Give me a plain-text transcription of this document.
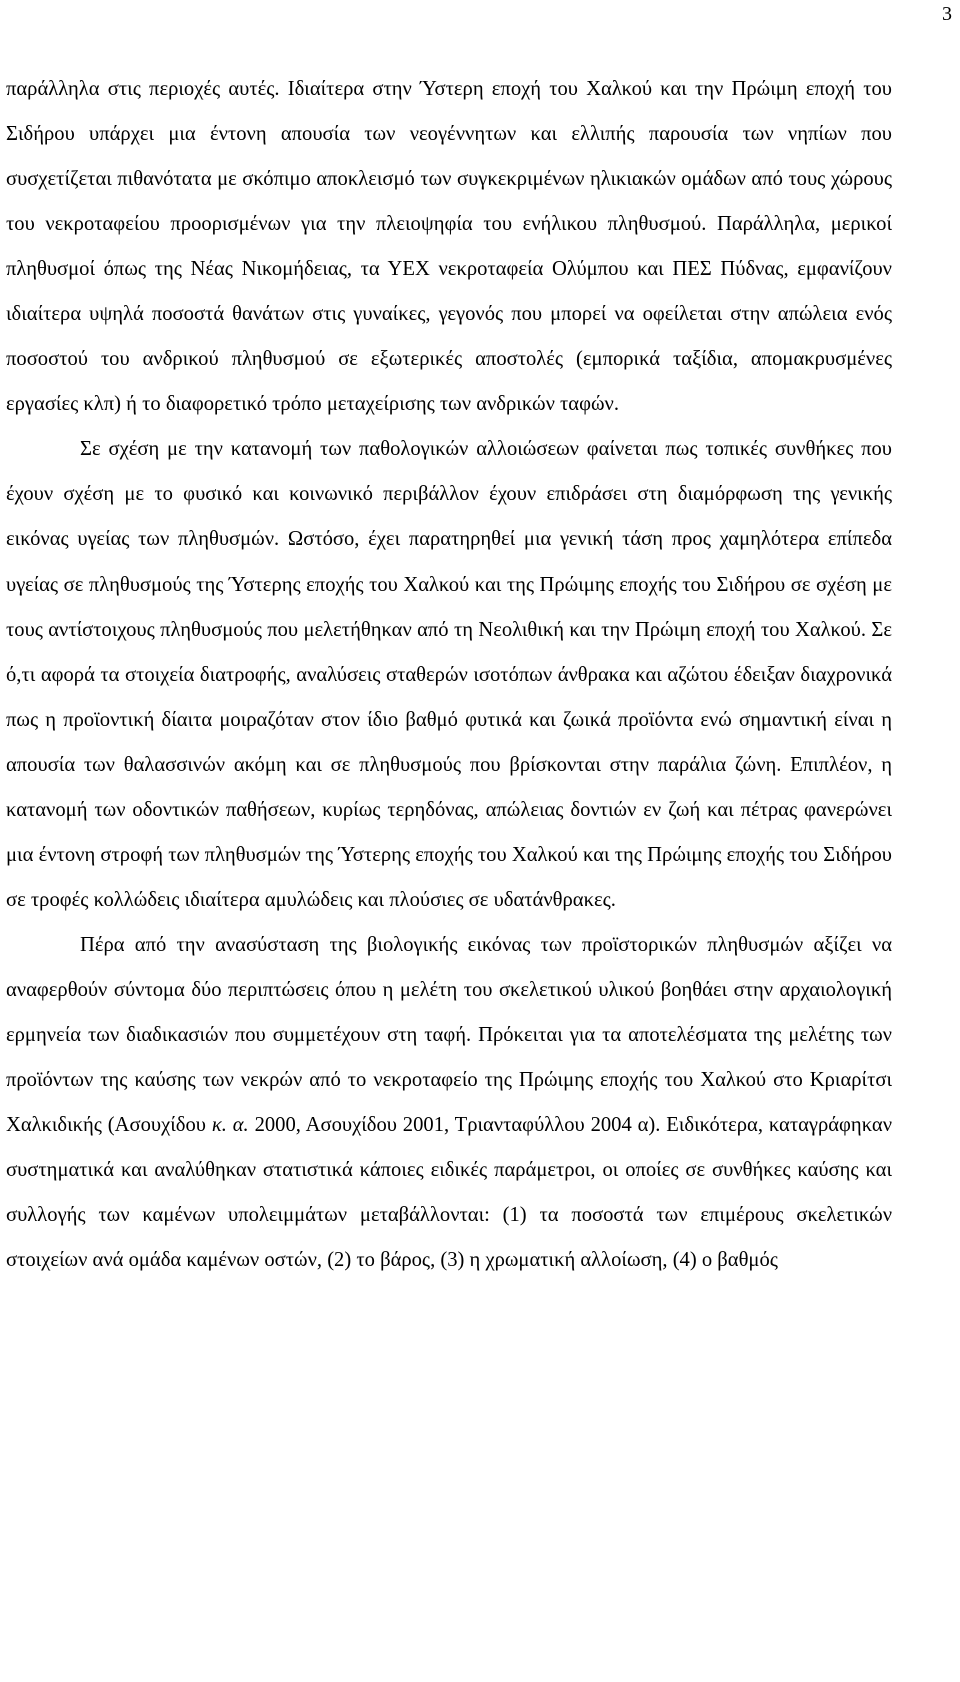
3

παράλληλα στις περιοχές αυτές. Ιδιαίτερα στην Ύστερη εποχή του Χαλκού και την Πρώιμη εποχή του Σιδήρου υπάρχει μια έντονη απουσία των νεογέννητων και ελλιπής παρουσία των νηπίων που συσχετίζεται πιθανότατα με σκόπιμο αποκλεισμό των συγκεκριμένων ηλικιακών ομάδων από τους χώρους του νεκροταφείου προορισμένων για την πλειοψηφία του ενήλικου πληθυσμού. Παράλληλα, μερικοί πληθυσμοί όπως της Νέας Νικομήδειας, τα ΥΕΧ νεκροταφεία Ολύμπου και ΠΕΣ Πύδνας, εμφανίζουν ιδιαίτερα υψηλά ποσοστά θανάτων στις γυναίκες, γεγονός που μπορεί να οφείλεται στην απώλεια ενός ποσοστού του ανδρικού πληθυσμού σε εξωτερικές αποστολές (εμπορικά ταξίδια, απομακρυσμένες εργασίες κλπ) ή το διαφορετικό τρόπο μεταχείρισης των ανδρικών ταφών.

Σε σχέση με την κατανομή των παθολογικών αλλοιώσεων φαίνεται πως τοπικές συνθήκες που έχουν σχέση με το φυσικό και κοινωνικό περιβάλλον έχουν επιδράσει στη διαμόρφωση της γενικής εικόνας υγείας των πληθυσμών. Ωστόσο, έχει παρατηρηθεί μια γενική τάση προς χαμηλότερα επίπεδα υγείας σε πληθυσμούς της Ύστερης εποχής του Χαλκού και της Πρώιμης εποχής του Σιδήρου σε σχέση με τους αντίστοιχους πληθυσμούς που μελετήθηκαν από τη Νεολιθική και την Πρώιμη εποχή του Χαλκού. Σε ό,τι αφορά τα στοιχεία διατροφής, αναλύσεις σταθερών ισοτόπων άνθρακα και αζώτου έδειξαν διαχρονικά πως η προϊοντική δίαιτα μοιραζόταν στον ίδιο βαθμό φυτικά και ζωικά προϊόντα ενώ σημαντική είναι η απουσία των θαλασσινών ακόμη και σε πληθυσμούς που βρίσκονται στην παράλια ζώνη. Επιπλέον, η κατανομή των οδοντικών παθήσεων, κυρίως τερηδόνας, απώλειας δοντιών εν ζωή και πέτρας φανερώνει μια έντονη στροφή των πληθυσμών της Ύστερης εποχής του Χαλκού και της Πρώιμης εποχής του Σιδήρου σε τροφές κολλώδεις ιδιαίτερα αμυλώδεις και πλούσιες σε υδατάνθρακες.

Πέρα από την ανασύσταση της βιολογικής εικόνας των προϊστορικών πληθυσμών αξίζει να αναφερθούν σύντομα δύο περιπτώσεις όπου η μελέτη του σκελετικού υλικού βοηθάει στην αρχαιολογική ερμηνεία των διαδικασιών που συμμετέχουν στη ταφή. Πρόκειται για τα αποτελέσματα της μελέτης των προϊόντων της καύσης των νεκρών από το νεκροταφείο της Πρώιμης εποχής του Χαλκού στο Κριαρίτσι Χαλκιδικής (Ασουχίδου κ. α. 2000, Ασουχίδου 2001, Τριανταφύλλου 2004 α). Ειδικότερα, καταγράφηκαν συστηματικά και αναλύθηκαν στατιστικά κάποιες ειδικές παράμετροι, οι οποίες σε συνθήκες καύσης και συλλογής των καμένων υπολειμμάτων μεταβάλλονται: (1) τα ποσοστά των επιμέρους σκελετικών στοιχείων ανά ομάδα καμένων οστών, (2) το βάρος, (3) η χρωματική αλλοίωση, (4) ο βαθμός
